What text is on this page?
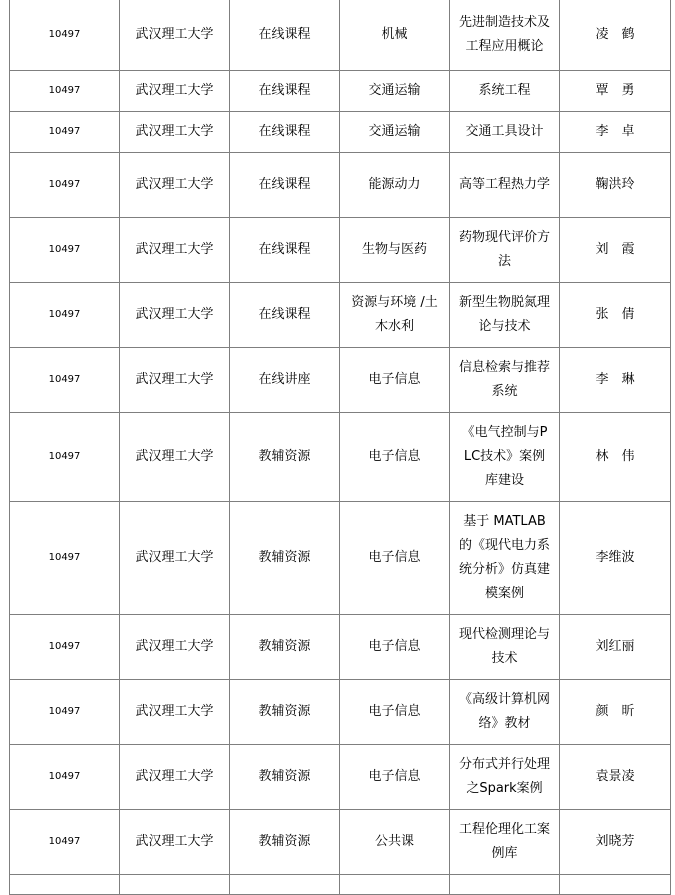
10497	武汉理工大学	在线课程	机械	先进制造技术及工程应用概论	凌　鹤
10497	武汉理工大学	在线课程	交通运输	系统工程	覃　勇
10497	武汉理工大学	在线课程	交通运输	交通工具设计	李　卓
10497	武汉理工大学	在线课程	能源动力	高等工程热力学	鞠洪玲
10497	武汉理工大学	在线课程	生物与医药	药物现代评价方法	刘　霞
10497	武汉理工大学	在线课程	资源与环境 /土木水利	新型生物脱氮理论与技术	张　倩
10497	武汉理工大学	在线讲座	电子信息	信息检索与推荐系统	李　琳
10497	武汉理工大学	教辅资源	电子信息	《电气控制与PLC技术》案例库建设	林　伟
10497	武汉理工大学	教辅资源	电子信息	基于 MATLAB 的《现代电力系统分析》仿真建模案例	李维波
10497	武汉理工大学	教辅资源	电子信息	现代检测理论与技术	刘红丽
10497	武汉理工大学	教辅资源	电子信息	《高级计算机网络》教材	颜　昕
10497	武汉理工大学	教辅资源	电子信息	分布式并行处理之Spark案例	袁景凌
10497	武汉理工大学	教辅资源	公共课	工程伦理化工案例库	刘晓芳
